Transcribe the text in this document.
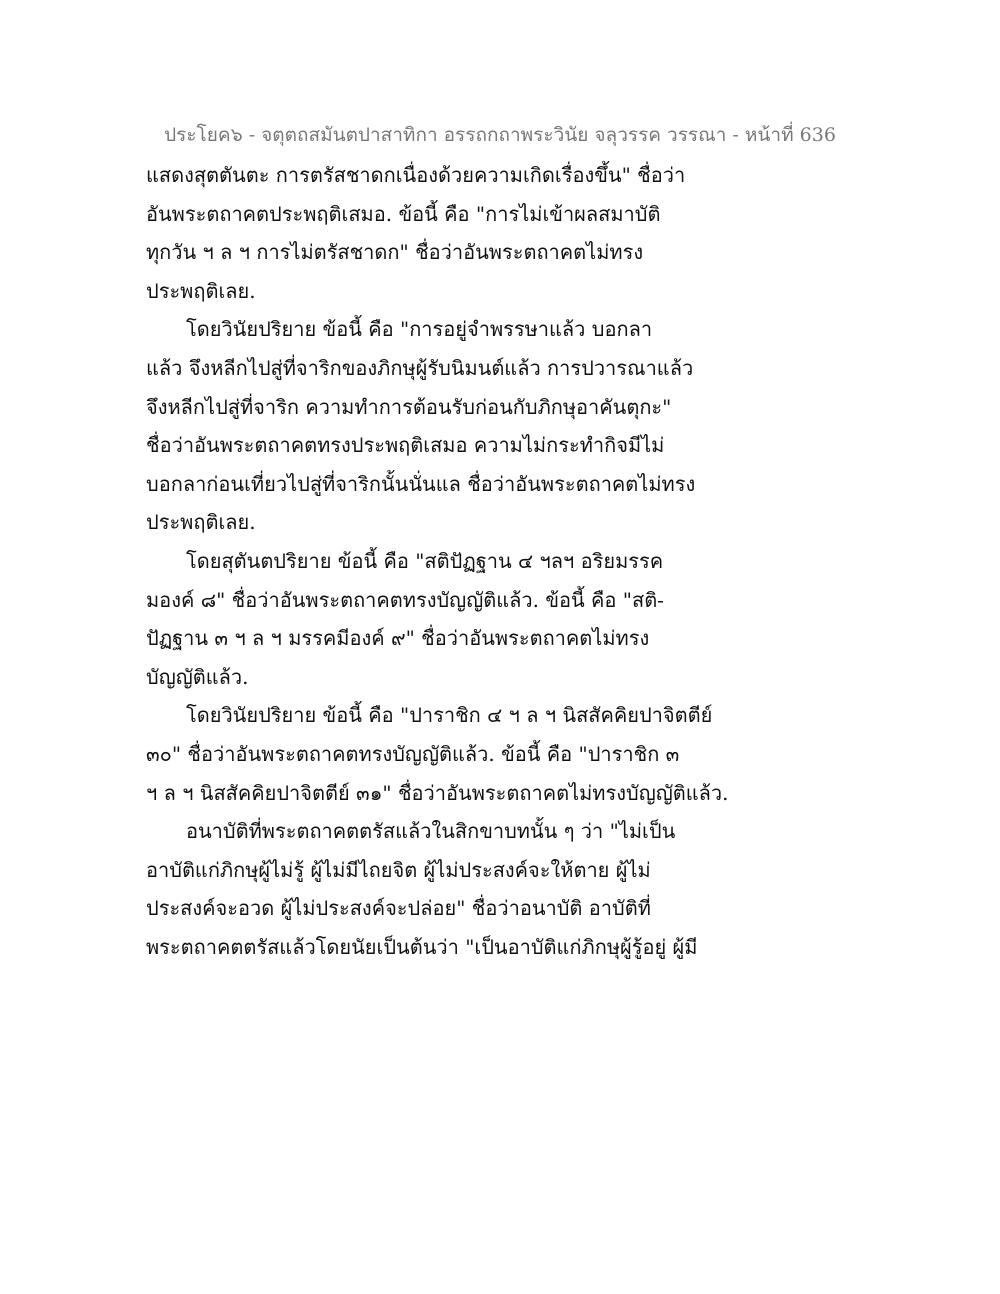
ประโยค๖ - จตุตถสมันตปาสาทิกา อรรถกถาพระวินัย จลุวรรค วรรณา - หน้าที่ 636
แสดงสุตตันตะ การตรัสชาดกเนื่องด้วยความเกิดเรื่องขึ้น" ชื่อว่า
อันพระตถาคตประพฤติเสมอ. ข้อนี้ คือ "การไม่เข้าผลสมาบัติ
ทุกวัน ฯ ล ฯ การไม่ตรัสชาดก" ชื่อว่าอันพระตถาคตไม่ทรง
ประพฤติเลย.
โดยวินัยปริยาย ข้อนี้ คือ "การอยู่จำพรรษาแล้ว บอกลา
แล้ว จึงหลีกไปสู่ที่จาริกของภิกษุผู้รับนิมนต์แล้ว การปวารณาแล้ว
จึงหลีกไปสู่ที่จาริก ความทำการต้อนรับก่อนกับภิกษุอาคันตุกะ"
ชื่อว่าอันพระตถาคตทรงประพฤติเสมอ ความไม่กระทำกิจมีไม่
บอกลาก่อนเที่ยวไปสู่ที่จาริกนั้นนั่นแล ชื่อว่าอันพระตถาคตไม่ทรง
ประพฤติเลย.
โดยสุตันตปริยาย ข้อนี้ คือ "สติปัฏฐาน ๔ ฯลฯ อริยมรรค
มองค์ ๘" ชื่อว่าอันพระตถาคตทรงบัญญัติแล้ว. ข้อนี้ คือ "สติ-
ปัฏฐาน ๓ ฯ ล ฯ มรรคมีองค์ ๙" ชื่อว่าอันพระตถาคตไม่ทรง
บัญญัติแล้ว.
โดยวินัยปริยาย ข้อนี้ คือ "ปาราชิก ๔ ฯ ล ฯ นิสสัคคิยปาจิตตีย์
๓๐" ชื่อว่าอันพระตถาคตทรงบัญญัติแล้ว. ข้อนี้ คือ "ปาราชิก ๓
ฯ ล ฯ นิสสัคคิยปาจิตตีย์ ๓๑" ชื่อว่าอันพระตถาคตไม่ทรงบัญญัติแล้ว.
อนาบัติที่พระตถาคตตรัสแล้วในสิกขาบทนั้น ๆ ว่า "ไม่เป็น
อาบัติแก่ภิกษุผู้ไม่รู้ ผู้ไม่มีไถยจิต ผู้ไม่ประสงค์จะให้ตาย ผู้ไม่
ประสงค์จะอวด ผู้ไม่ประสงค์จะปล่อย" ชื่อว่าอนาบัติ อาบัติที่
พระตถาคตตรัสแล้วโดยนัยเป็นต้นว่า "เป็นอาบัติแก่ภิกษุผู้รู้อยู่ ผู้มี
